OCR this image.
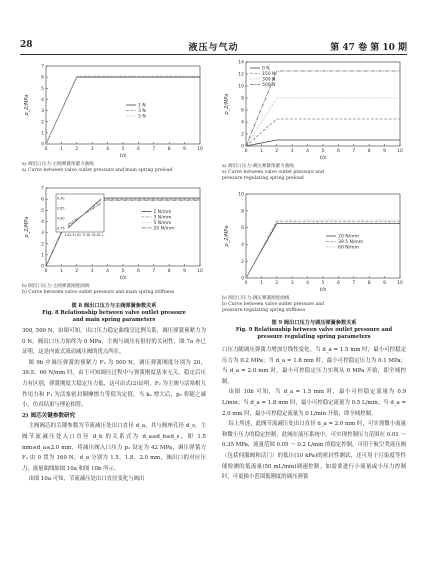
28	液压与气动	第 47 卷 第 10 期
0	1	2	3	4	5	6	7	8	9 10
0
1
2
3
4
5
6
7
t/s
p_2/MPa	1 N
3 N
5 N
a) 阀出口压力-主阀弹簧预紧力曲线
a) Curve between valve outlet pressure and main spring preload
0	1	2	3	4	5	6	7	8	9 10
0
1
2
3
4
5
6
7
t/s
p_2/MPa
1 N/mm
3 N/mm
5 N/mm
20 N/mm
0.75
0.80
0.85
0.90
1.4 1.5 1.6 1.7 1.8 1.9 2.0 2.1
b) 阀出口压力-主阀弹簧刚度曲线
b) Curve between valve outlet pressure and main spring stiffness
图 8 阀出口压力与主阀弹簧参数关系
Fig. 8 Relationship between valve outlet pressure
and main spring parameters

300, 500 N，由图可知，出口压力稳定曲线呈比例关系，调压弹簧预紧力为 0 N，阀出口压力始终为 0 MPa，主阀与调压有很好的关闭性，图 7a 亦已证明，这是内流式流动减压阀的优点所在。

图 9b 中调压弹簧的预紧力 F₂ 为 500 N，调压弹簧刚度分别为 20，39.5，60 N/mm 时，由于可知调压过程中与弹簧刚度基本无关，稳定后压力有区别，弹簧刚度大稳定压力低，这可由式(2)证明，F₂ 为主阀与活塞相互作用力和 F₁ 为活塞密封圈摩擦力等值为定值，当 k₂ 增大后，p₂ 将随之减小，仿真结果与理论相符。

2) 阀芯关键参数研究

主阀阀芯的关键参数为节流减压处出口直径 d_a，其与阀座孔径 d_s，主阀节流减压处入口直径 d_b 的关系式为 d_a≤d_b≤d_s，即 1.5 mm≤d_a≤2.0 mm，将减压阀入口压力 p₁ 设定为 42 MPa，调压弹簧力 F₂ 由 0 置为 160 N，d_a 分别为 1.5，1.8，2.0 mm，阀出口的对应压力，流量曲线如图 10a 和图 10b 所示。

由图 10a 可知，节流减压处出口直径变化与阀出

0	1	2	3	4	5	6	7	8	9 10
0
2
4
6
8
10
12
14
t/s
p_2/MPa
0 N
150 N
300 N
500 N
a) 阀出口压力-调压弹簧预紧力曲线
a) Curve between valve outlet pressure and
pressure regulating spring preload
0	1	2	3	4	5	6	7	8	9 10
0
2
4
6
8
10
t/s
p_2/MPa	20 N/mm
39.5 N/mm
60 N/mm
b) 阀出口压力-调压弹簧刚度曲线
b) Curve between valve outlet pressure and
pressure regulating spring stiffness
图 9 阀出口压力与调压弹簧参数关系
Fig. 9 Relationship between valve outlet pressure and
pressure regulating spring parameters

口压力随调压弹簧力增加呈线性变化。当 d_a = 1.5 mm 时，最小可控稳定压力为 0.2 MPa；当 d_a = 1.8 mm 时，最小可控稳定压力为 0.1 MPa；当 d_a = 2.0 mm 时，最小可控稳定压力实现从 0 MPa 开始，即全域控制。

由图 10b 可知，当 d_a = 1.5 mm 时，最小可控稳定流量为 0.9 L/min；当 d_a = 1.8 mm 时，最小可控稳定流量为 0.5 L/min；当 d_a = 2.0 mm 时，最小可控稳定流量为 0 L/min 开始，即全域控制。

综上所述，此阀节流减压处出口直径 d_a = 2.0 mm 时，可实现微小流量和微小压力的稳定控制，此阀在液压系统中，可实现控制压力范围在 0.01 ～ 0.35 MPa，流量范围 0.05 ～ 0.2 L/min 的稳定控制，可用于航空类液压阀（包括伺服阀和活门）的低压(10 kPa)的密封性测试，还可用于污染度等性能检测的低流量(50 mL/min)调速控制。如需要进行小流量或小压力控制时，可更换小范围低刚度的调压弹簧
